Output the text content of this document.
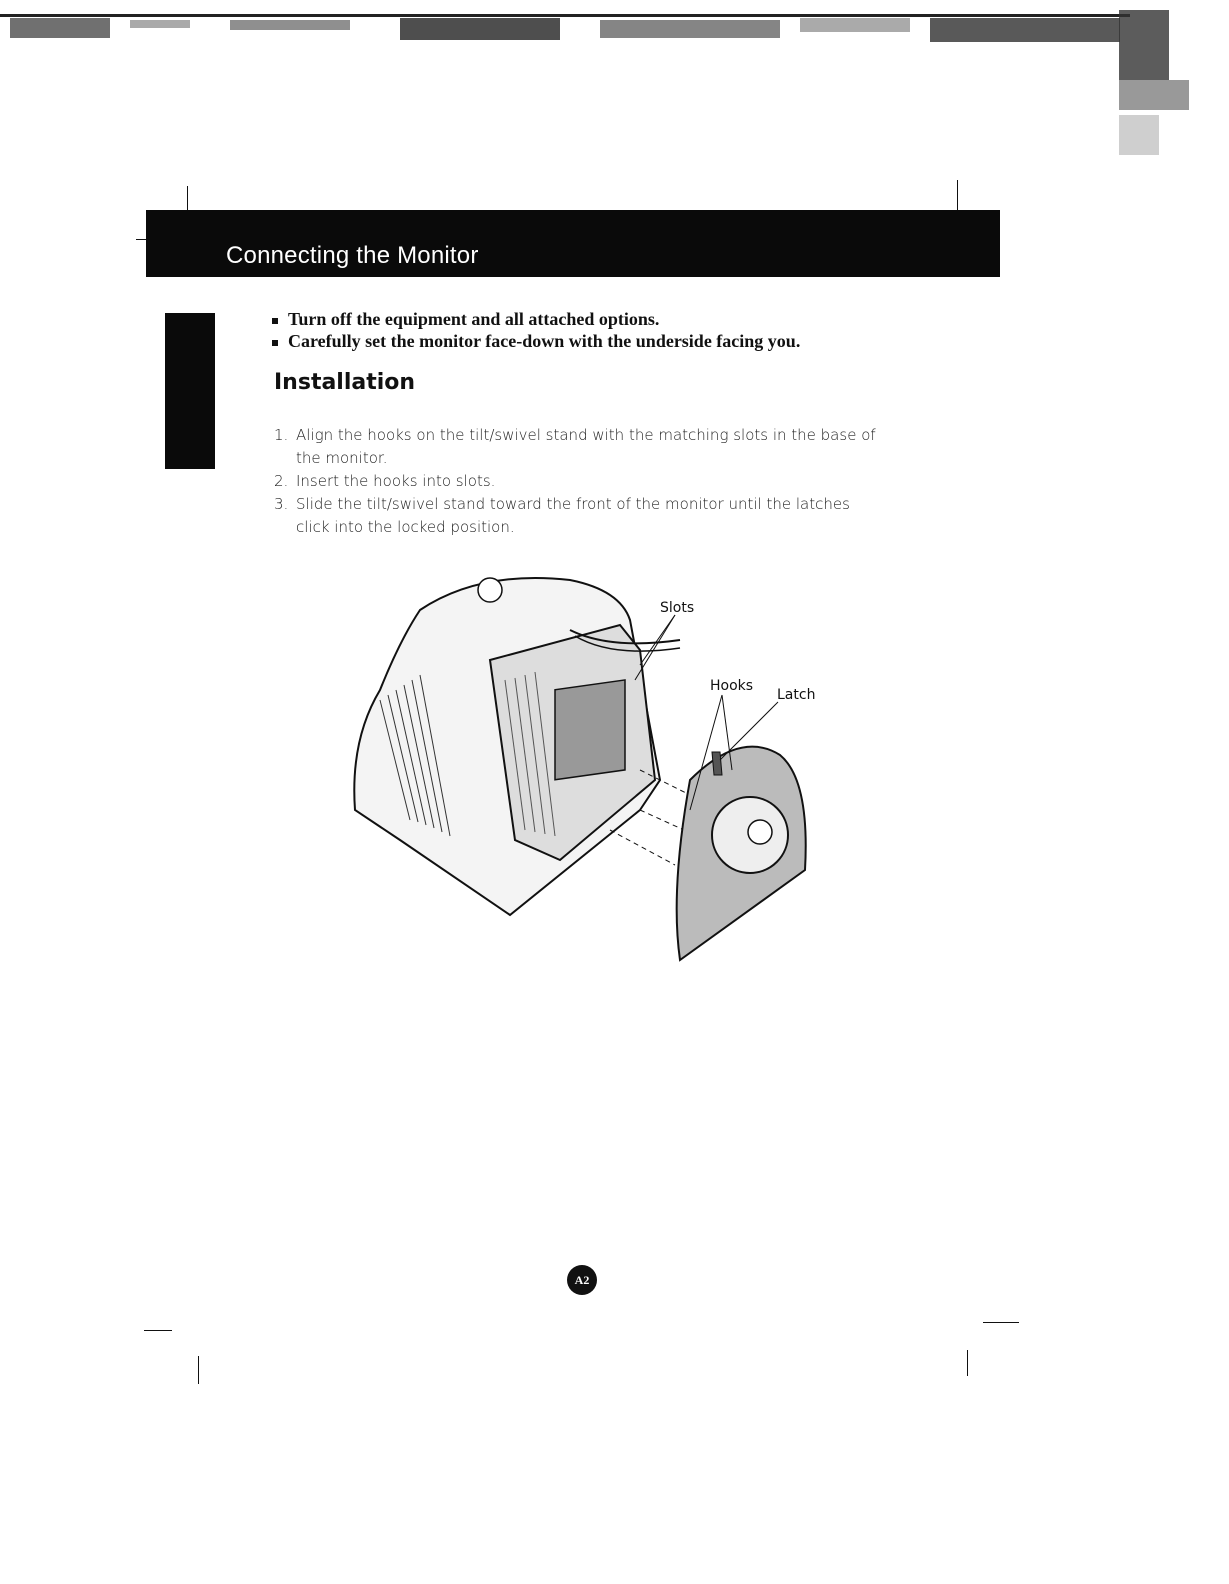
Connecting the Monitor
Turn off the equipment and all attached options.
Carefully set the monitor face-down with the underside facing you.
Installation
1. Align the hooks on the tilt/swivel stand with the matching slots in the base of the monitor.
2. Insert the hooks into slots.
3. Slide the tilt/swivel stand toward the front of the monitor until the latches click into the locked position.
Slots
Hooks
Latch
A2
